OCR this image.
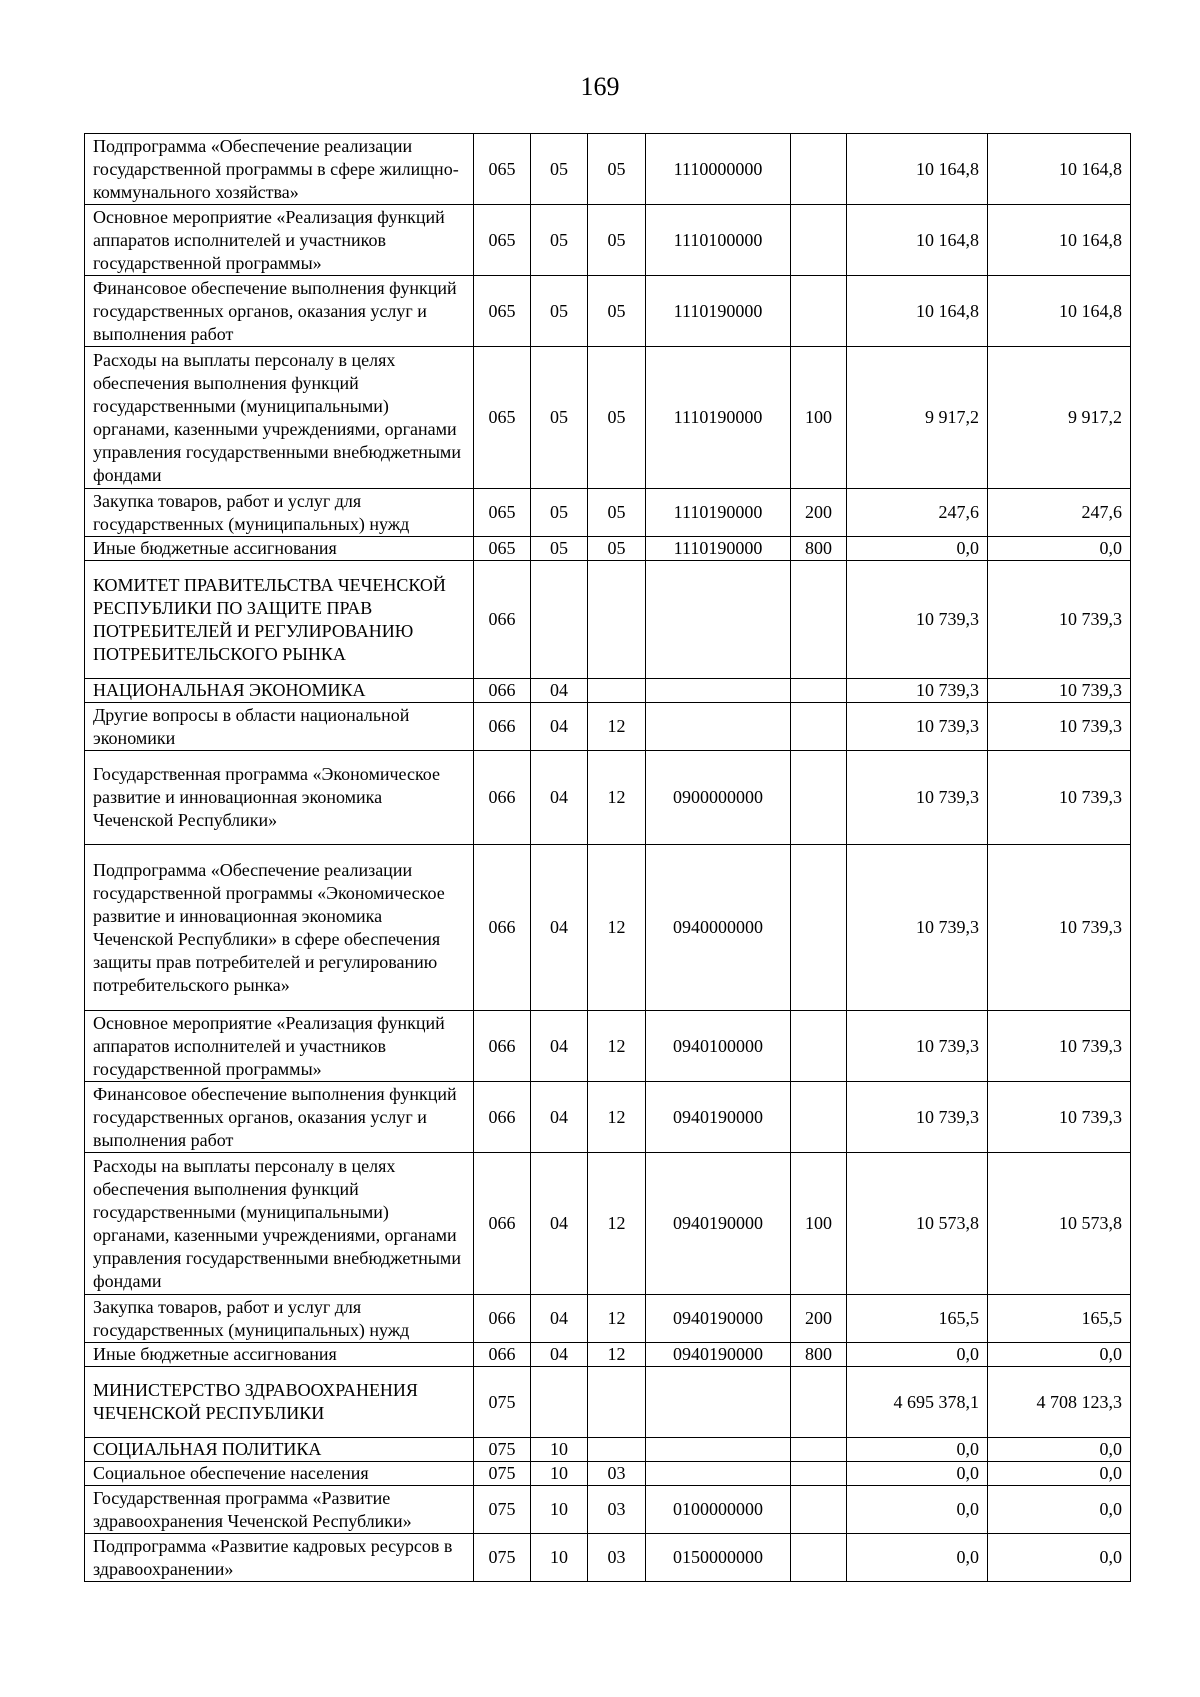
169
Подпрограмма «Обеспечение реализации государственной программы в сфере жилищно-коммунального хозяйства»	065	05	05	1110000000		10 164,8	10 164,8
Основное мероприятие «Реализация функций аппаратов исполнителей и участников государственной программы»	065	05	05	1110100000		10 164,8	10 164,8
Финансовое обеспечение выполнения функций государственных органов, оказания услуг и выполнения работ	065	05	05	1110190000		10 164,8	10 164,8
Расходы на выплаты персоналу в целях обеспечения выполнения функций государственными (муниципальными) органами, казенными учреждениями, органами управления государственными внебюджетными фондами	065	05	05	1110190000	100	9 917,2	9 917,2
Закупка товаров, работ и услуг для государственных (муниципальных) нужд	065	05	05	1110190000	200	247,6	247,6
Иные бюджетные ассигнования	065	05	05	1110190000	800	0,0	0,0
КОМИТЕТ ПРАВИТЕЛЬСТВА ЧЕЧЕНСКОЙ РЕСПУБЛИКИ ПО ЗАЩИТЕ ПРАВ ПОТРЕБИТЕЛЕЙ И РЕГУЛИРОВАНИЮ ПОТРЕБИТЕЛЬСКОГО РЫНКА	066					10 739,3	10 739,3
НАЦИОНАЛЬНАЯ ЭКОНОМИКА	066	04				10 739,3	10 739,3
Другие вопросы в области национальной экономики	066	04	12			10 739,3	10 739,3
Государственная программа «Экономическое развитие и инновационная экономика Чеченской Республики»	066	04	12	0900000000		10 739,3	10 739,3
Подпрограмма «Обеспечение реализации государственной программы «Экономическое развитие и инновационная экономика Чеченской Республики» в сфере обеспечения защиты прав потребителей и регулированию потребительского рынка»	066	04	12	0940000000		10 739,3	10 739,3
Основное мероприятие «Реализация функций аппаратов исполнителей и участников государственной программы»	066	04	12	0940100000		10 739,3	10 739,3
Финансовое обеспечение выполнения функций государственных органов, оказания услуг и выполнения работ	066	04	12	0940190000		10 739,3	10 739,3
Расходы на выплаты персоналу в целях обеспечения выполнения функций государственными (муниципальными) органами, казенными учреждениями, органами управления государственными внебюджетными фондами	066	04	12	0940190000	100	10 573,8	10 573,8
Закупка товаров, работ и услуг для государственных (муниципальных) нужд	066	04	12	0940190000	200	165,5	165,5
Иные бюджетные ассигнования	066	04	12	0940190000	800	0,0	0,0
МИНИСТЕРСТВО ЗДРАВООХРАНЕНИЯ ЧЕЧЕНСКОЙ РЕСПУБЛИКИ	075					4 695 378,1	4 708 123,3
СОЦИАЛЬНАЯ ПОЛИТИКА	075	10				0,0	0,0
Социальное обеспечение населения	075	10	03			0,0	0,0
Государственная программа «Развитие здравоохранения Чеченской Республики»	075	10	03	0100000000		0,0	0,0
Подпрограмма «Развитие кадровых ресурсов в здравоохранении»	075	10	03	0150000000		0,0	0,0
